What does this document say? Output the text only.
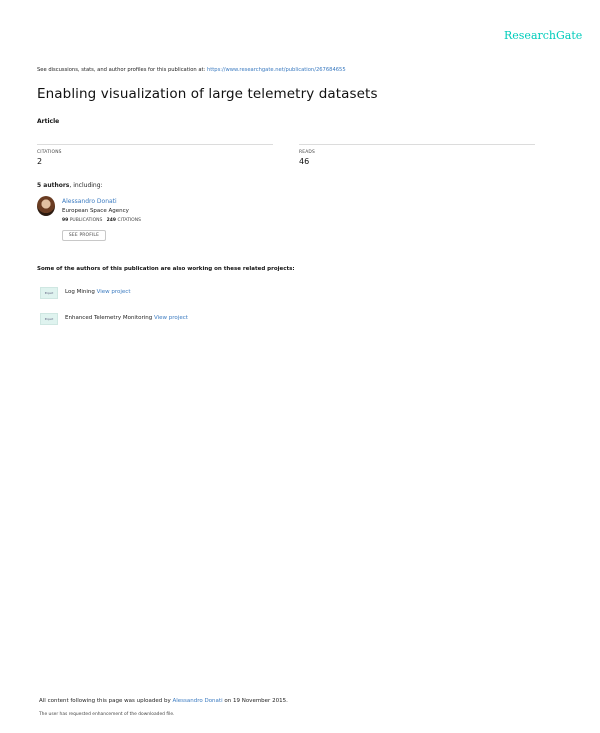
ResearchGate
See discussions, stats, and author profiles for this publication at: https://www.researchgate.net/publication/267684655
Enabling visualization of large telemetry datasets
Article
CITATIONS
2
READS
46
5 authors, including:
Alessandro Donati
European Space Agency
99 PUBLICATIONS 249 CITATIONS
SEE PROFILE
Some of the authors of this publication are also working on these related projects:
Project Log Mining View project
Project Enhanced Telemetry Monitoring View project
All content following this page was uploaded by Alessandro Donati on 19 November 2015.
The user has requested enhancement of the downloaded file.
